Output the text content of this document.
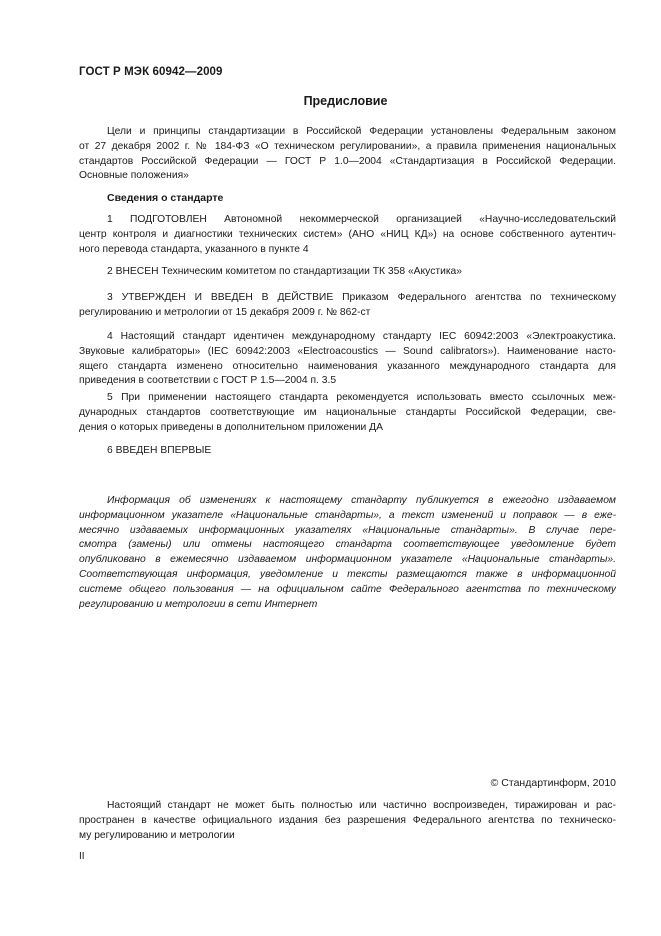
ГОСТ Р МЭК 60942—2009
Предисловие
Цели и принципы стандартизации в Российской Федерации установлены Федеральным законом
от 27 декабря 2002 г. № 184-ФЗ «О техническом регулировании», а правила применения национальных
стандартов Российской Федерации — ГОСТ Р 1.0—2004 «Стандартизация в Российской Федерации.
Основные положения»
Сведения о стандарте
1 ПОДГОТОВЛЕН Автономной некоммерческой организацией «Научно-исследовательский
центр контроля и диагностики технических систем» (АНО «НИЦ КД») на основе собственного аутентич-
ного перевода стандарта, указанного в пункте 4
2 ВНЕСЕН Техническим комитетом по стандартизации ТК 358 «Акустика»
3 УТВЕРЖДЕН И ВВЕДЕН В ДЕЙСТВИЕ Приказом Федерального агентства по техническому
регулированию и метрологии от 15 декабря 2009 г. № 862-ст
4 Настоящий стандарт идентичен международному стандарту IEC 60942:2003 «Электроакустика.
Звуковые калибраторы» (IEC 60942:2003 «Electroacoustics — Sound calibrators»). Наименование насто-
ящего стандарта изменено относительно наименования указанного международного стандарта для
приведения в соответствии с ГОСТ Р 1.5—2004 п. 3.5
5 При применении настоящего стандарта рекомендуется использовать вместо ссылочных меж-
дународных стандартов соответствующие им национальные стандарты Российской Федерации, све-
дения о которых приведены в дополнительном приложении ДА
6 ВВЕДЕН ВПЕРВЫЕ
Информация об изменениях к настоящему стандарту публикуется в ежегодно издаваемом
информационном указателе «Национальные стандарты», а текст изменений и поправок — в еже-
месячно издаваемых информационных указателях «Национальные стандарты». В случае пере-
смотра (замены) или отмены настоящего стандарта соответствующее уведомление будет
опубликовано в ежемесячно издаваемом информационном указателе «Национальные стандарты».
Соответствующая информация, уведомление и тексты размещаются также в информационной
системе общего пользования — на официальном сайте Федерального агентства по техническому
регулированию и метрологии в сети Интернет
© Стандартинформ, 2010
Настоящий стандарт не может быть полностью или частично воспроизведен, тиражирован и рас-
пространен в качестве официального издания без разрешения Федерального агентства по техническо-
му регулированию и метрологии
II
